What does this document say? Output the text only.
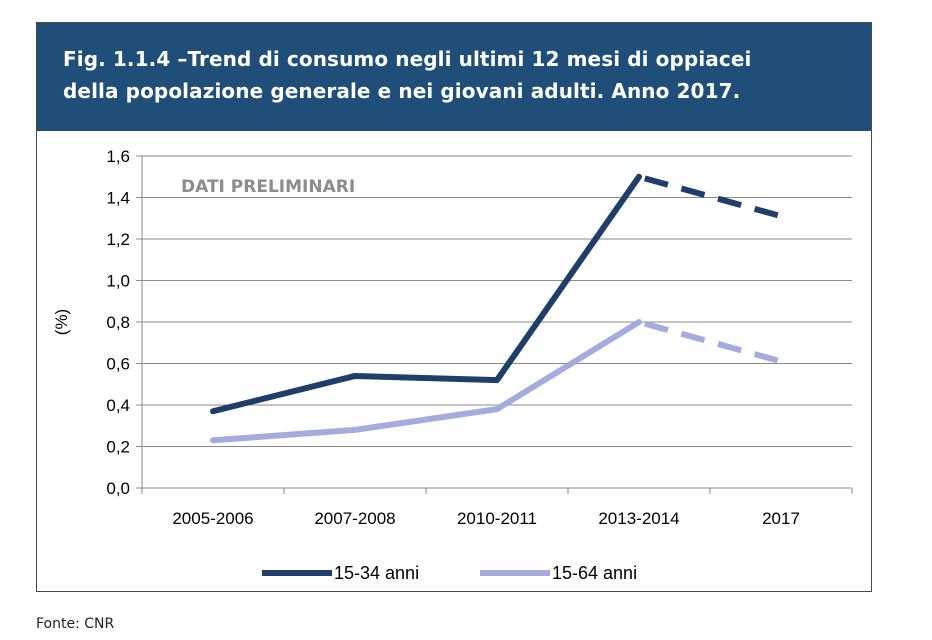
Fig. 1.1.4 –Trend di consumo negli ultimi 12 mesi di oppiacei
della popolazione generale e nei giovani adulti. Anno 2017.
0,0
0,2
0,4
0,6
0,8
1,0
1,2
1,4
1,6
2005-2006	2007-2008	2010-2011	2013-2014	2017
(%)
DATI PRELIMINARI
15-34 anni	15-64 anni
Fonte: CNR
